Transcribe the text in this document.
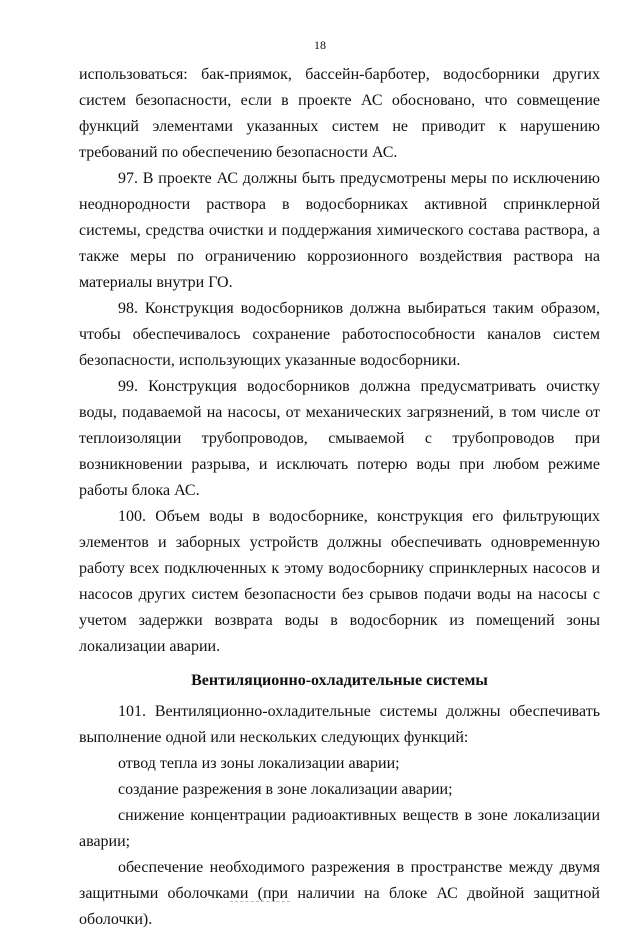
18

использоваться: бак-приямок, бассейн-барботер, водосборники других систем безопасности, если в проекте АС обосновано, что совмещение функций элементами указанных систем не приводит к нарушению требований по обеспечению безопасности АС.

97. В проекте АС должны быть предусмотрены меры по исключению неоднородности раствора в водосборниках активной спринклерной системы, средства очистки и поддержания химического состава раствора, а также меры по ограничению коррозионного воздействия раствора на материалы внутри ГО.

98. Конструкция водосборников должна выбираться таким образом, чтобы обеспечивалось сохранение работоспособности каналов систем безопасности, использующих указанные водосборники.

99. Конструкция водосборников должна предусматривать очистку воды, подаваемой на насосы, от механических загрязнений, в том числе от теплоизоляции трубопроводов, смываемой с трубопроводов при возникновении разрыва, и исключать потерю воды при любом режиме работы блока АС.

100. Объем воды в водосборнике, конструкция его фильтрующих элементов и заборных устройств должны обеспечивать одновременную работу всех подключенных к этому водосборнику спринклерных насосов и насосов других систем безопасности без срывов подачи воды на насосы с учетом задержки возврата воды в водосборник из помещений зоны локализации аварии.

Вентиляционно-охладительные системы

101. Вентиляционно-охладительные системы должны обеспечивать выполнение одной или нескольких следующих функций:

отвод тепла из зоны локализации аварии;

создание разрежения в зоне локализации аварии;

снижение концентрации радиоактивных веществ в зоне локализации аварии;

обеспечение необходимого разрежения в пространстве между двумя защитными оболочками (при наличии на блоке АС двойной защитной оболочки).
